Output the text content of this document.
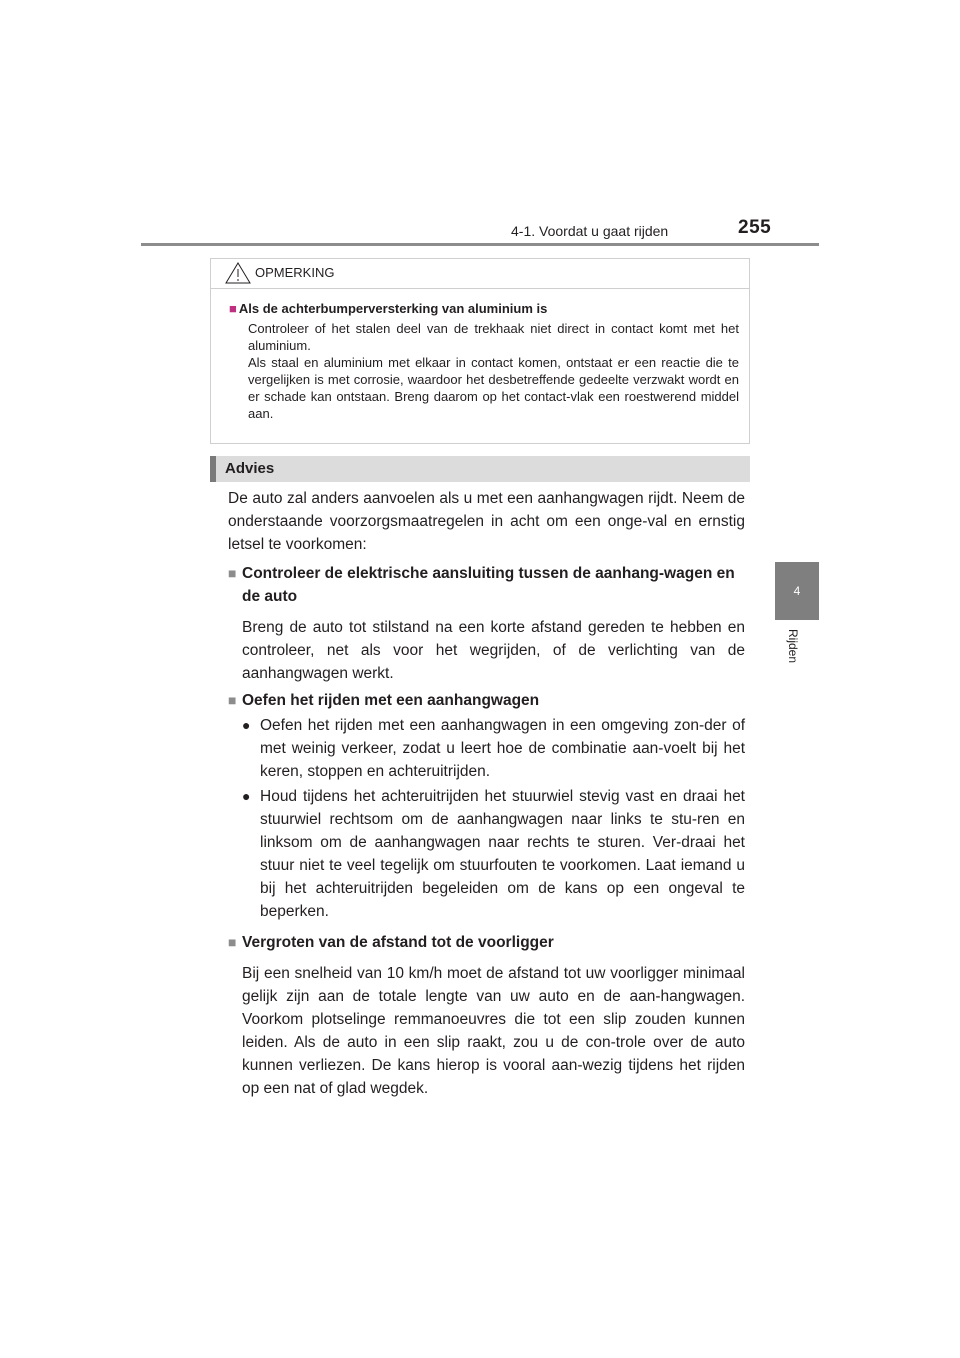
4-1. Voordat u gaat rijden	255
4
Rijden
OPMERKING

■ Als de achterbumperversterking van aluminium is

Controleer of het stalen deel van de trekhaak niet direct in contact komt met het aluminium.

Als staal en aluminium met elkaar in contact komen, ontstaat er een reactie die te vergelijken is met corrosie, waardoor het desbetreffende gedeelte verzwakt wordt en er schade kan ontstaan. Breng daarom op het contact-vlak een roestwerend middel aan.

Advies

De auto zal anders aanvoelen als u met een aanhangwagen rijdt. Neem de onderstaande voorzorgsmaatregelen in acht om een onge-val en ernstig letsel te voorkomen:

■ Controleer de elektrische aansluiting tussen de aanhang-wagen en de auto

Breng de auto tot stilstand na een korte afstand gereden te hebben en controleer, net als voor het wegrijden, of de verlichting van de aanhangwagen werkt.

■ Oefen het rijden met een aanhangwagen
● Oefen het rijden met een aanhangwagen in een omgeving zon-der of met weinig verkeer, zodat u leert hoe de combinatie aan-voelt bij het keren, stoppen en achteruitrijden.
● Houd tijdens het achteruitrijden het stuurwiel stevig vast en draai het stuurwiel rechtsom om de aanhangwagen naar links te stu-ren en linksom om de aanhangwagen naar rechts te sturen. Ver-draai het stuur niet te veel tegelijk om stuurfouten te voorkomen. Laat iemand u bij het achteruitrijden begeleiden om de kans op een ongeval te beperken.
■ Vergroten van de afstand tot de voorligger

Bij een snelheid van 10 km/h moet de afstand tot uw voorligger minimaal gelijk zijn aan de totale lengte van uw auto en de aan-hangwagen. Voorkom plotselinge remmanoeuvres die tot een slip zouden kunnen leiden. Als de auto in een slip raakt, zou u de con-trole over de auto kunnen verliezen. De kans hierop is vooral aan-wezig tijdens het rijden op een nat of glad wegdek.
